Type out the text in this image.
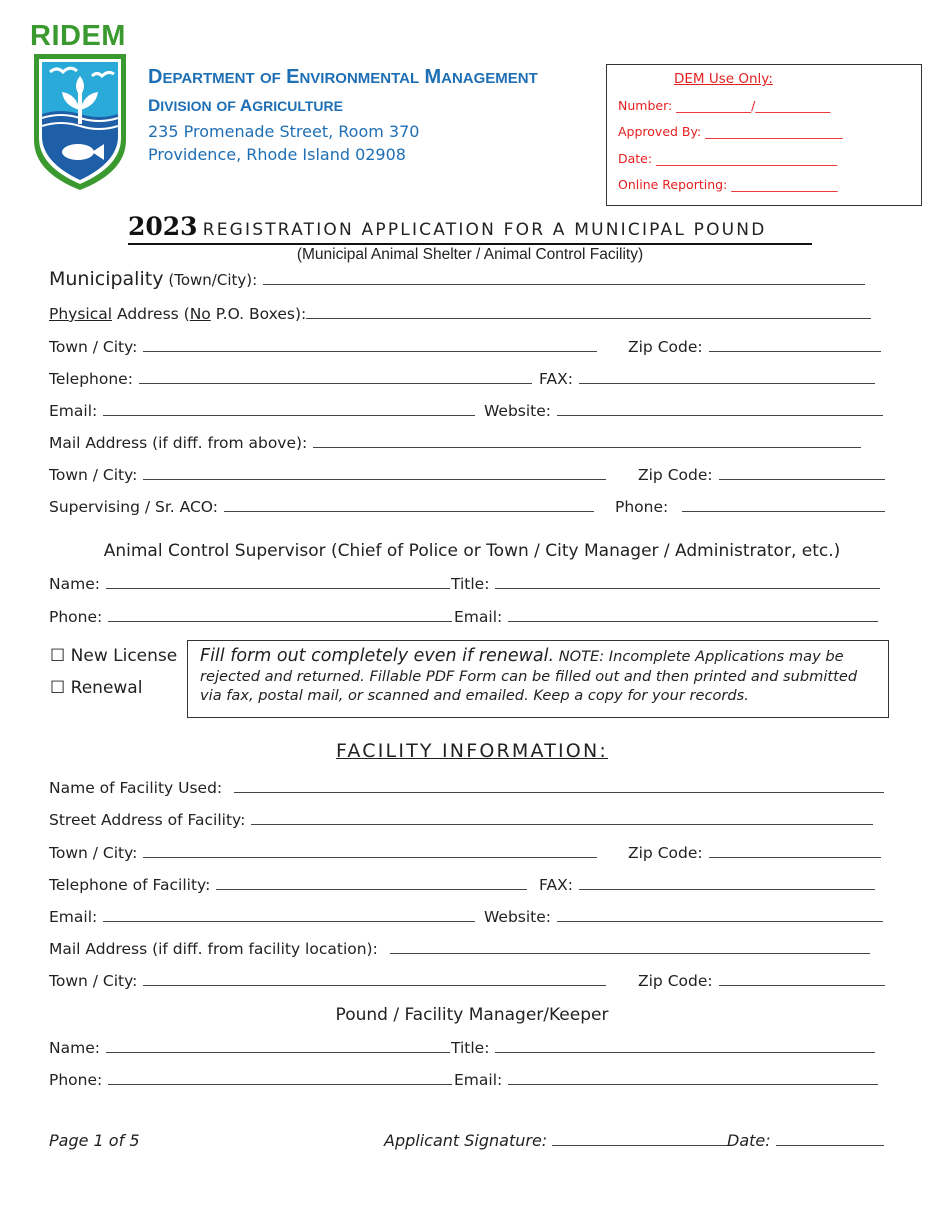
RIDEM
DEPARTMENT OF ENVIRONMENTAL MANAGEMENT
DIVISION OF AGRICULTURE
235 Promenade Street, Room 370
Providence, Rhode Island 02908
DEM Use Only:
Number: ____________/____________
Approved By: ______________________
Date: _____________________________
Online Reporting: _________________
2023 REGISTRATION APPLICATION FOR A MUNICIPAL POUND
(Municipal Animal Shelter / Animal Control Facility)
Municipality (Town/City):
Physical Address (No P.O. Boxes):
Town / City:	Zip Code:
Telephone:	FAX:
Email:	Website:
Mail Address (if diff. from above):
Town / City:	Zip Code:
Supervising / Sr. ACO:	Phone:
Animal Control Supervisor (Chief of Police or Town / City Manager / Administrator, etc.)
Name:	Title:
Phone:	Email:
☐ New License
☐ Renewal
Fill form out completely even if renewal. NOTE: Incomplete Applications may be rejected and returned. Fillable PDF Form can be filled out and then printed and submitted via fax, postal mail, or scanned and emailed. Keep a copy for your records.
FACILITY INFORMATION:
Name of Facility Used:
Street Address of Facility:
Town / City:	Zip Code:
Telephone of Facility:	FAX:
Email:	Website:
Mail Address (if diff. from facility location):
Town / City:	Zip Code:
Pound / Facility Manager/Keeper
Name:	Title:
Phone:	Email:
Page 1 of 5	Applicant Signature:	Date:
